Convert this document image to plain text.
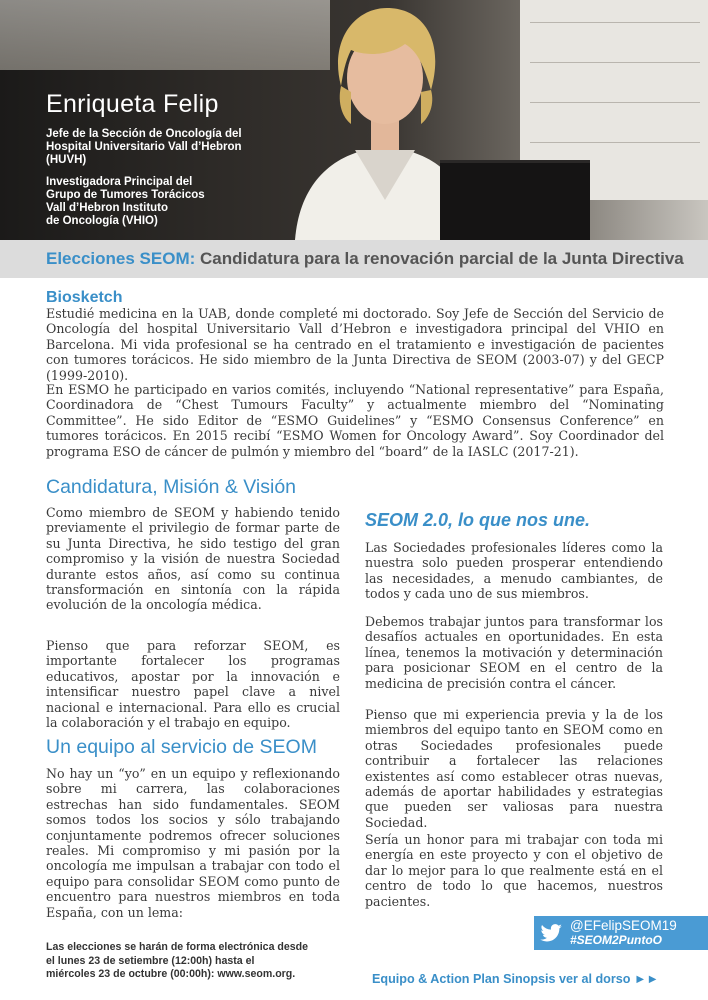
Enriqueta Felip
Jefe de la Sección de Oncología del
Hospital Universitario Vall d’Hebron
(HUVH)
Investigadora Principal del
Grupo de Tumores Torácicos
Vall d’Hebron Instituto
de Oncología (VHIO)
Elecciones SEOM: Candidatura para la renovación parcial de la Junta Directiva
Biosketch
Estudié medicina en la UAB, donde completé mi doctorado. Soy Jefe de Sección del Servicio de Oncología del hospital Universitario Vall d’Hebron e investigadora principal del VHIO en Barcelona. Mi vida profesional se ha centrado en el tratamiento e investigación de pacientes con tumores torácicos. He sido miembro de la Junta Directiva de SEOM (2003-07) y del GECP (1999-2010).
En ESMO he participado en varios comités, incluyendo “National representative” para España, Coordinadora de “Chest Tumours Faculty” y actualmente miembro del “Nominating Committee”. He sido Editor de “ESMO Guidelines” y “ESMO Consensus Conference” en tumores torácicos. En 2015 recibí “ESMO Women for Oncology Award”. Soy Coordinador del programa ESO de cáncer de pulmón y miembro del “board” de la IASLC (2017-21).
Candidatura, Misión & Visión
Como miembro de SEOM y habiendo tenido previamente el privilegio de formar parte de su Junta Directiva, he sido testigo del gran compromiso y la visión de nuestra Sociedad durante estos años, así como su continua transformación en sintonía con la rápida evolución de la oncología médica.
Pienso que para reforzar SEOM, es importante fortalecer los programas educativos, apostar por la innovación e intensificar nuestro papel clave a nivel nacional e internacional. Para ello es crucial la colaboración y el trabajo en equipo.
Un equipo al servicio de SEOM
No hay un “yo” en un equipo y reflexionando sobre mi carrera, las colaboraciones estrechas han sido fundamentales. SEOM somos todos los socios y sólo trabajando conjuntamente podremos ofrecer soluciones reales. Mi compromiso y mi pasión por la oncología me impulsan a trabajar con todo el equipo para consolidar SEOM como punto de encuentro para nuestros miembros en toda España, con un lema:
SEOM 2.0, lo que nos une.
Las Sociedades profesionales líderes como la nuestra solo pueden prosperar entendiendo las necesidades, a menudo cambiantes, de todos y cada uno de sus miembros.
Debemos trabajar juntos para transformar los desafíos actuales en oportunidades. En esta línea, tenemos la motivación y determinación para posicionar SEOM en el centro de la medicina de precisión contra el cáncer.
Pienso que mi experiencia previa y la de los miembros del equipo tanto en SEOM como en otras Sociedades profesionales puede contribuir a fortalecer las relaciones existentes así como establecer otras nuevas, además de aportar habilidades y estrategias que pueden ser valiosas para nuestra Sociedad.
Sería un honor para mi trabajar con toda mi energía en este proyecto y con el objetivo de dar lo mejor para lo que realmente está en el centro de todo lo que hacemos, nuestros pacientes.
@EFelipSEOM19
#SEOM2PuntoO
Las elecciones se harán de forma electrónica desde
el lunes 23 de setiembre (12:00h) hasta el
miércoles 23 de octubre (00:00h): www.seom.org.	Equipo & Action Plan Sinopsis ver al dorso ►►
